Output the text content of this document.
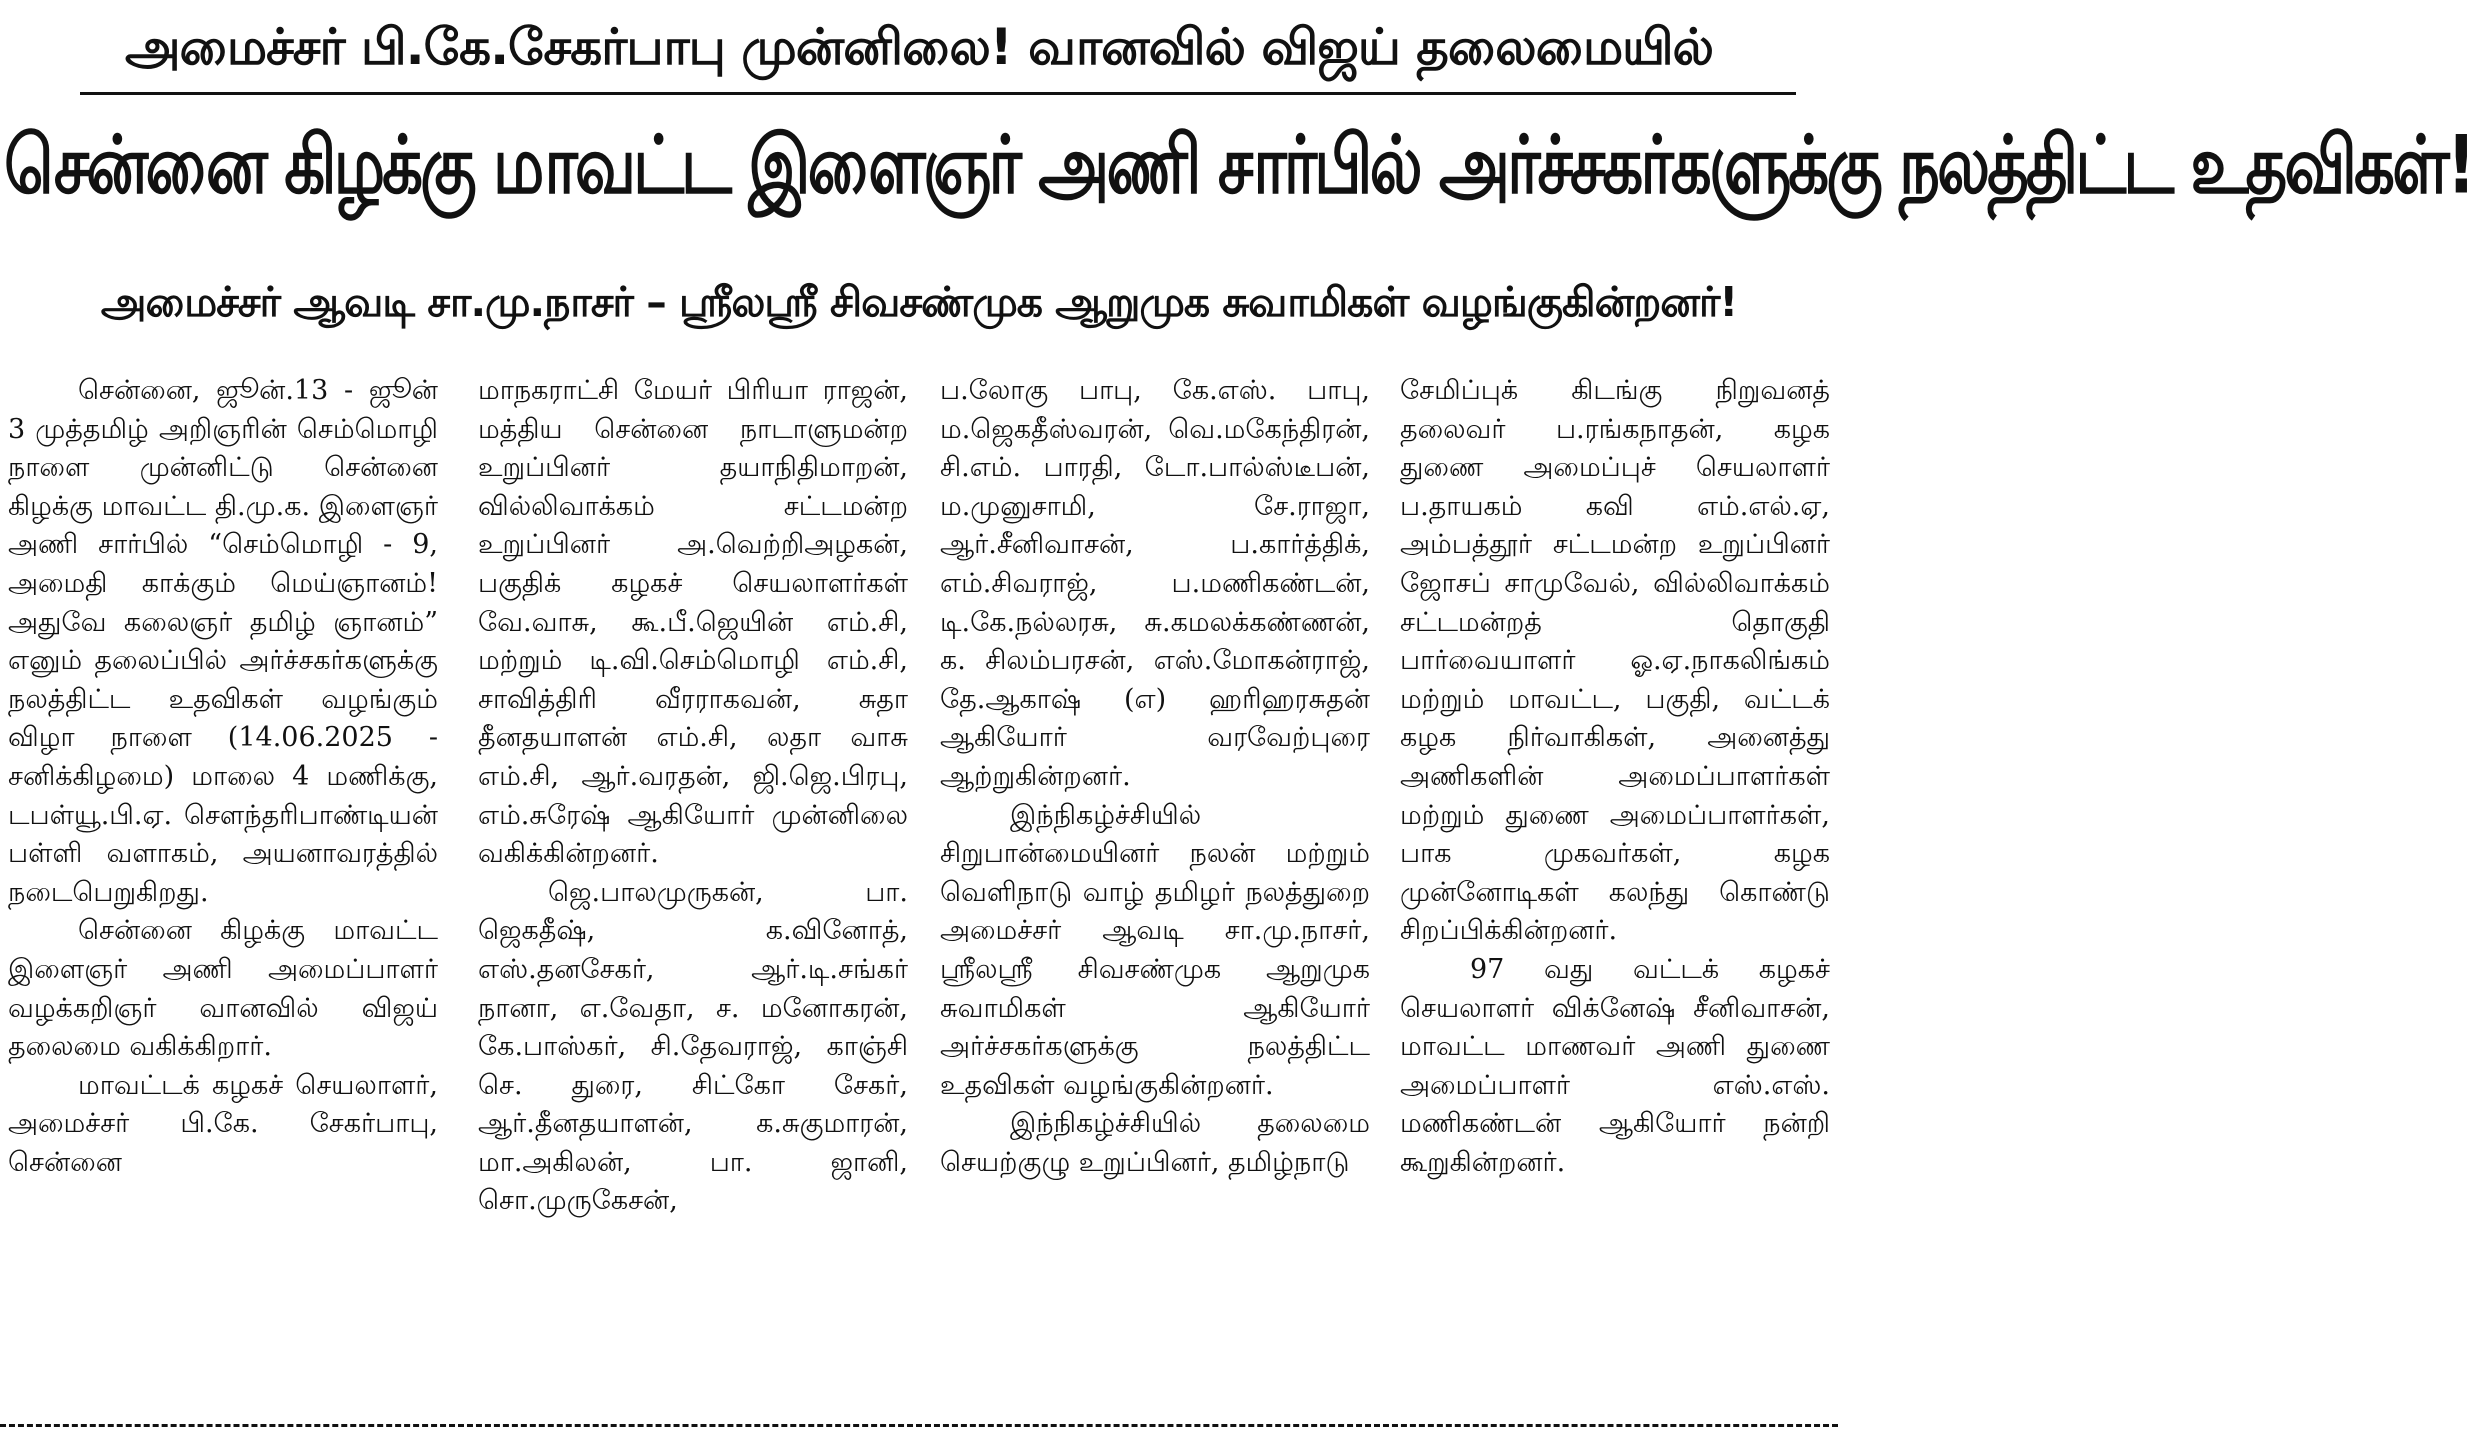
அமைச்சர் பி.கே.சேகர்பாபு முன்னிலை! வானவில் விஜய் தலைமையில்
சென்னை கிழக்கு மாவட்ட இளைஞர் அணி சார்பில் அர்ச்சகர்களுக்கு நலத்திட்ட உதவிகள்!
அமைச்சர் ஆவடி சா.மு.நாசர் – ஸ்ரீலஸ்ரீ சிவசண்முக ஆறுமுக சுவாமிகள் வழங்குகின்றனர்!

சென்னை, ஜூன்.13 - ஜூன் 3 முத்தமிழ் அறிஞரின் செம்மொழி நாளை முன்னிட்டு சென்னை கிழக்கு மாவட்ட தி.மு.க. இளைஞர் அணி சார்பில் “செம்மொழி - 9, அமைதி காக்கும் மெய்ஞானம்! அதுவே கலைஞர் தமிழ் ஞானம்” எனும் தலைப்பில் அர்ச்சகர்களுக்கு நலத்திட்ட உதவிகள் வழங்கும் விழா நாளை (14.06.2025 - சனிக்கிழமை) மாலை 4 மணிக்கு, டபள்யூ.பி.ஏ. சௌந்தரிபாண்டியன் பள்ளி வளாகம், அயனாவரத்தில் நடைபெறுகிறது.

சென்னை கிழக்கு மாவட்ட இளைஞர் அணி அமைப்பாளர் வழக்கறிஞர் வானவில் விஜய் தலைமை வகிக்கிறார்.

மாவட்டக் கழகச் செயலாளர், அமைச்சர் பி.கே. சேகர்பாபு, சென்னை

மாநகராட்சி மேயர் பிரியா ராஜன், மத்திய சென்னை நாடாளுமன்ற உறுப்பினர் தயாநிதிமாறன், வில்லிவாக்கம் சட்டமன்ற உறுப்பினர் அ.வெற்றிஅழகன், பகுதிக் கழகச் செயலாளர்கள் வே.வாசு, கூ.பீ.ஜெயின் எம்.சி, மற்றும் டி.வி.செம்மொழி எம்.சி, சாவித்திரி வீரராகவன், சுதா தீனதயாளன் எம்.சி, லதா வாசு எம்.சி, ஆர்.வரதன், ஜி.ஜெ.பிரபு, எம்.சுரேஷ் ஆகியோர் முன்னிலை வகிக்கின்றனர்.

ஜெ.பாலமுருகன், பா. ஜெகதீஷ், க.வினோத், எஸ்.தனசேகர், ஆர்.டி.சங்கர் நானா, எ.வேதா, ச. மனோகரன், கே.பாஸ்கர், சி.தேவராஜ், காஞ்சி செ. துரை, சிட்கோ சேகர், ஆர்.தீனதயாளன், க.சுகுமாரன், மா.அகிலன், பா. ஜானி, சொ.முருகேசன்,

ப.லோகு பாபு, கே.எஸ். பாபு, ம.ஜெகதீஸ்வரன், வெ.மகேந்திரன், சி.எம். பாரதி, டோ.பால்ஸ்டீபன், ம.முனுசாமி, சே.ராஜா, ஆர்.சீனிவாசன், ப.கார்த்திக், எம்.சிவராஜ், ப.மணிகண்டன், டி.கே.நல்லரசு, சு.கமலக்கண்ணன், க. சிலம்பரசன், எஸ்.மோகன்ராஜ், தே.ஆகாஷ் (எ) ஹரிஹரசுதன் ஆகியோர் வரவேற்புரை ஆற்றுகின்றனர்.

இந்நிகழ்ச்சியில் சிறுபான்மையினர் நலன் மற்றும் வெளிநாடு வாழ் தமிழர் நலத்துறை அமைச்சர் ஆவடி சா.மு.நாசர், ஸ்ரீலஸ்ரீ சிவசண்முக ஆறுமுக சுவாமிகள் ஆகியோர் அர்ச்சகர்களுக்கு நலத்திட்ட உதவிகள் வழங்குகின்றனர்.

இந்நிகழ்ச்சியில் தலைமை செயற்குழு உறுப்பினர், தமிழ்நாடு

சேமிப்புக் கிடங்கு நிறுவனத் தலைவர் ப.ரங்கநாதன், கழக துணை அமைப்புச் செயலாளர் ப.தாயகம் கவி எம்.எல்.ஏ, அம்பத்தூர் சட்டமன்ற உறுப்பினர் ஜோசப் சாமுவேல், வில்லிவாக்கம் சட்டமன்றத் தொகுதி பார்வையாளர் ஓ.ஏ.நாகலிங்கம் மற்றும் மாவட்ட, பகுதி, வட்டக் கழக நிர்வாகிகள், அனைத்து அணிகளின் அமைப்பாளர்கள் மற்றும் துணை அமைப்பாளர்கள், பாக முகவர்கள், கழக முன்னோடிகள் கலந்து கொண்டு சிறப்பிக்கின்றனர்.

97 வது வட்டக் கழகச் செயலாளர் விக்னேஷ் சீனிவாசன், மாவட்ட மாணவர் அணி துணை அமைப்பாளர் எஸ்.எஸ். மணிகண்டன் ஆகியோர் நன்றி கூறுகின்றனர்.
